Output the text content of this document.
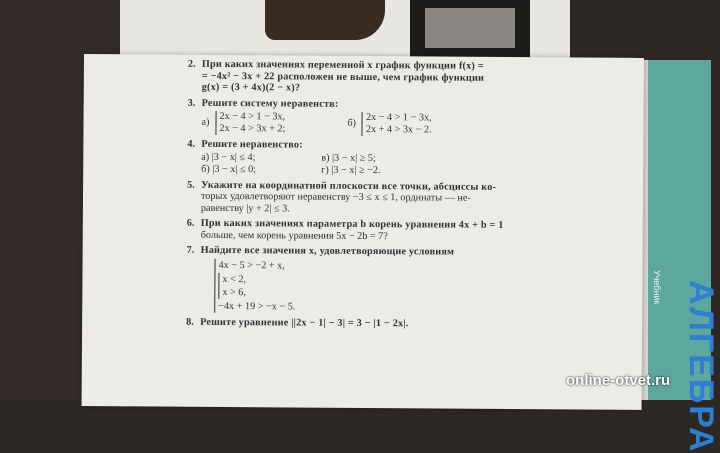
Учебник АЛГЕБРА
2. При каких значениях переменной x график функции f(x) =
= −4x² − 3x + 22 расположен не выше, чем график функции
g(x) = (3 + 4x)(2 − x)?
3. Решите систему неравенств:
а)
2x − 4 > 1 − 3x,
2x − 4 > 3x + 2;	б)
2x − 4 > 1 − 3x,
2x + 4 > 3x − 2.
4. Решите неравенство:
а) |3 − x| ≤ 4;	в) |3 − x| ≥ 5;
б) |3 − x| ≤ 0;	г) |3 − x| ≥ −2.
5. Укажите на координатной плоскости все точки, абсциссы ко-
торых удовлетворяют неравенству −3 ≤ x ≤ 1, ординаты — не-
равенству |y + 2| ≤ 3.
6. При каких значениях параметра b корень уравнения 4x + b = 1
больше, чем корень уравнения 5x − 2b = 7?
7. Найдите все значения x, удовлетворяющие условиям
4x − 5 > −2 + x,
x < 2,
x > 6,
−4x + 19 > −x − 5.
8. Решите уравнение ||2x − 1| − 3| = 3 − |1 − 2x|.
online-otvet.ru
